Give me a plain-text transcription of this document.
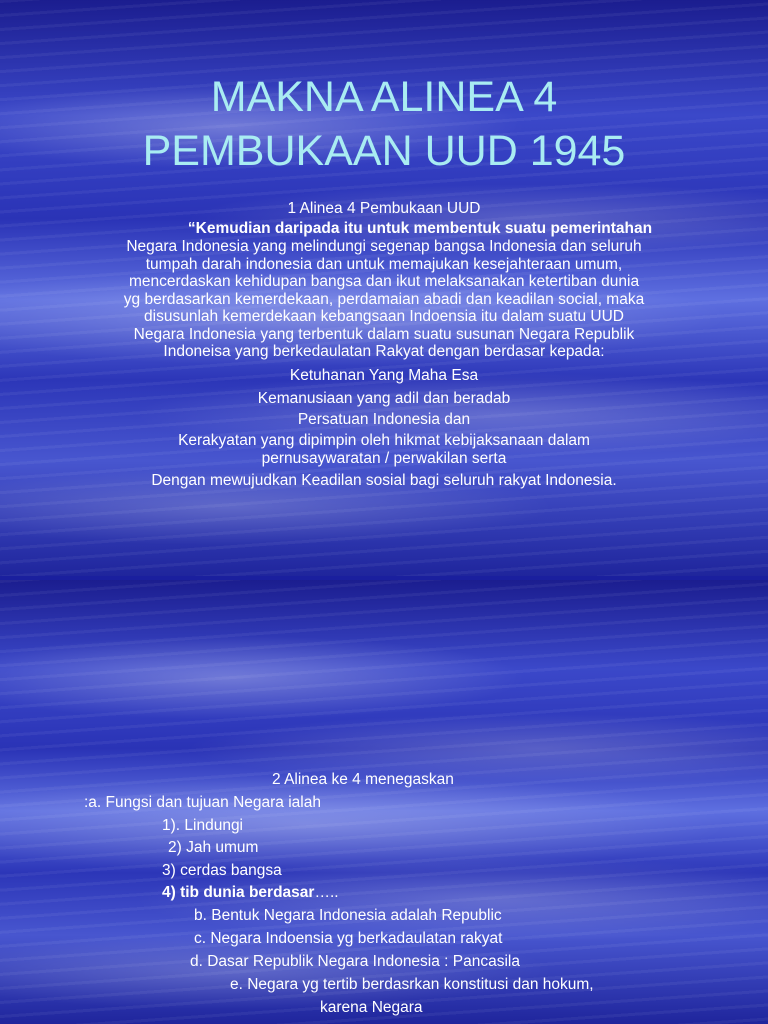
MAKNA ALINEA 4
PEMBUKAAN UUD 1945
1 Alinea 4 Pembukaan UUD
“Kemudian daripada itu untuk membentuk suatu pemerintahan
Negara Indonesia yang melindungi segenap bangsa Indonesia dan seluruh
tumpah darah indonesia dan untuk memajukan kesejahteraan umum,
mencerdaskan kehidupan bangsa dan ikut melaksanakan ketertiban dunia
yg berdasarkan kemerdekaan, perdamaian abadi dan keadilan social, maka
disusunlah kemerdekaan kebangsaan Indoensia itu dalam suatu UUD
Negara Indonesia yang terbentuk dalam suatu susunan Negara Republik
Indoneisa yang berkedaulatan Rakyat dengan berdasar kepada:
Ketuhanan Yang Maha Esa
Kemanusiaan yang adil dan beradab
Persatuan Indonesia dan
Kerakyatan yang dipimpin oleh hikmat kebijaksanaan dalam
pernusaywaratan / perwakilan serta
Dengan mewujudkan Keadilan sosial bagi seluruh rakyat Indonesia.
2 Alinea ke 4 menegaskan
:a. Fungsi dan tujuan Negara ialah
1). Lindungi
2) Jah umum
3) cerdas bangsa
4) tib dunia berdasar…..
b. Bentuk Negara Indonesia adalah Republic
c. Negara Indoensia yg berkadaulatan rakyat
d. Dasar Republik Negara Indonesia : Pancasila
e. Negara yg tertib berdasrkan konstitusi dan hokum,
karena Negara
